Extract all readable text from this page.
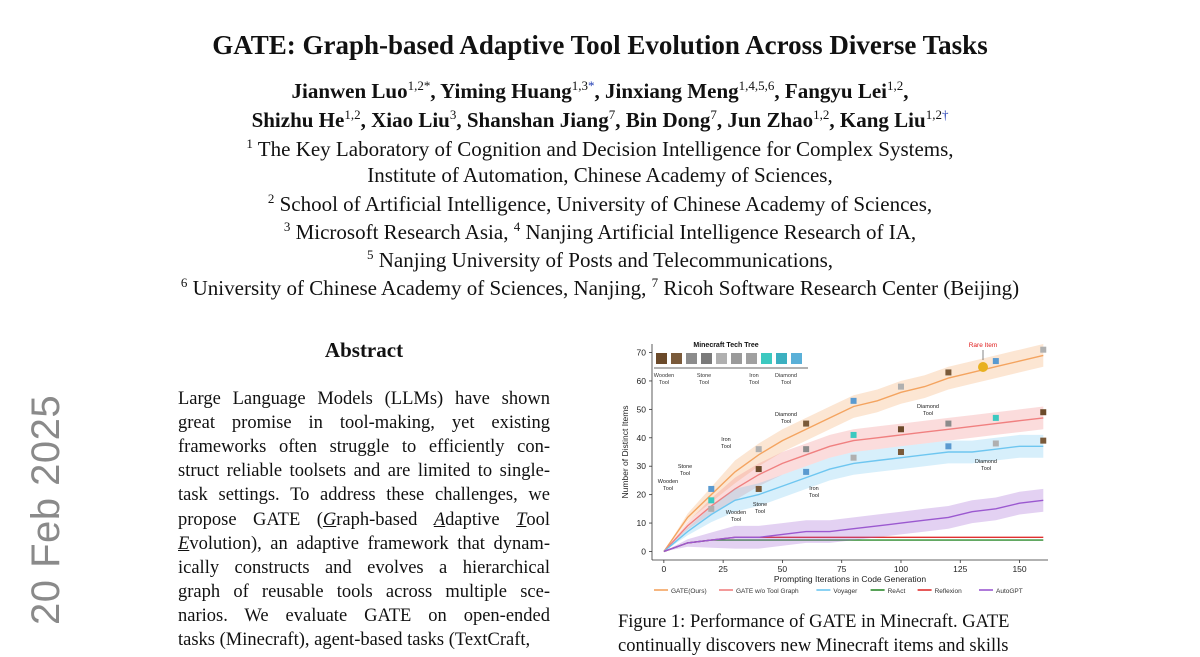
20 Feb 2025
GATE: Graph-based Adaptive Tool Evolution Across Diverse Tasks
Jianwen Luo$^{1,2*}$, Yiming Huang$^{1,3*}$, Jinxiang Meng$^{1,4,5,6}$, Fangyu Lei$^{1,2}$,
Shizhu He$^{1,2}$, Xiao Liu$^3$, Shanshan Jiang$^7$, Bin Dong$^7$, Jun Zhao$^{1,2}$, Kang Liu$^{1,2\dagger}$
$^1$ The Key Laboratory of Cognition and Decision Intelligence for Complex Systems,
Institute of Automation, Chinese Academy of Sciences,
$^2$ School of Artificial Intelligence, University of Chinese Academy of Sciences,
$^3$ Microsoft Research Asia, $^4$ Nanjing Artificial Intelligence Research of IA,
$^5$ Nanjing University of Posts and Telecommunications,
$^6$ University of Chinese Academy of Sciences, Nanjing, $^7$ Ricoh Software Research Center (Beijing)
Abstract
Large Language Models (LLMs) have shown
great promise in tool-making, yet existing
frameworks often struggle to efficiently con-
struct reliable toolsets and are limited to single-
task settings. To address these challenges, we
propose GATE (Graph-based Adaptive Tool
Evolution), an adaptive framework that dynam-
ically constructs and evolves a hierarchical
graph of reusable tools across multiple sce-
narios. We evaluate GATE on open-ended
tasks (Minecraft), agent-based tasks (TextCraft,
0
10
20
30
40
50
60
70
0	25	50	75	100	125	150
Prompting Iterations in Code Generation
Number of Distinct Items
GATE(Ours)	GATE w/o Tool Graph	Voyager	ReAct	Reflexion	AutoGPT
Minecraft Tech Tree
Wooden
Tool
Stone
Tool
Iron
Tool
Diamond
Tool
Rare Item
Wooden
Tool
Stone
Tool
Iron
Tool
Diamond
Tool
Diamond
Tool
Diamond
Tool
Wooden
Tool
Stone
Tool
Iron
Tool
Figure 1: Performance of GATE in Minecraft. GATE
continually discovers new Minecraft items and skills
